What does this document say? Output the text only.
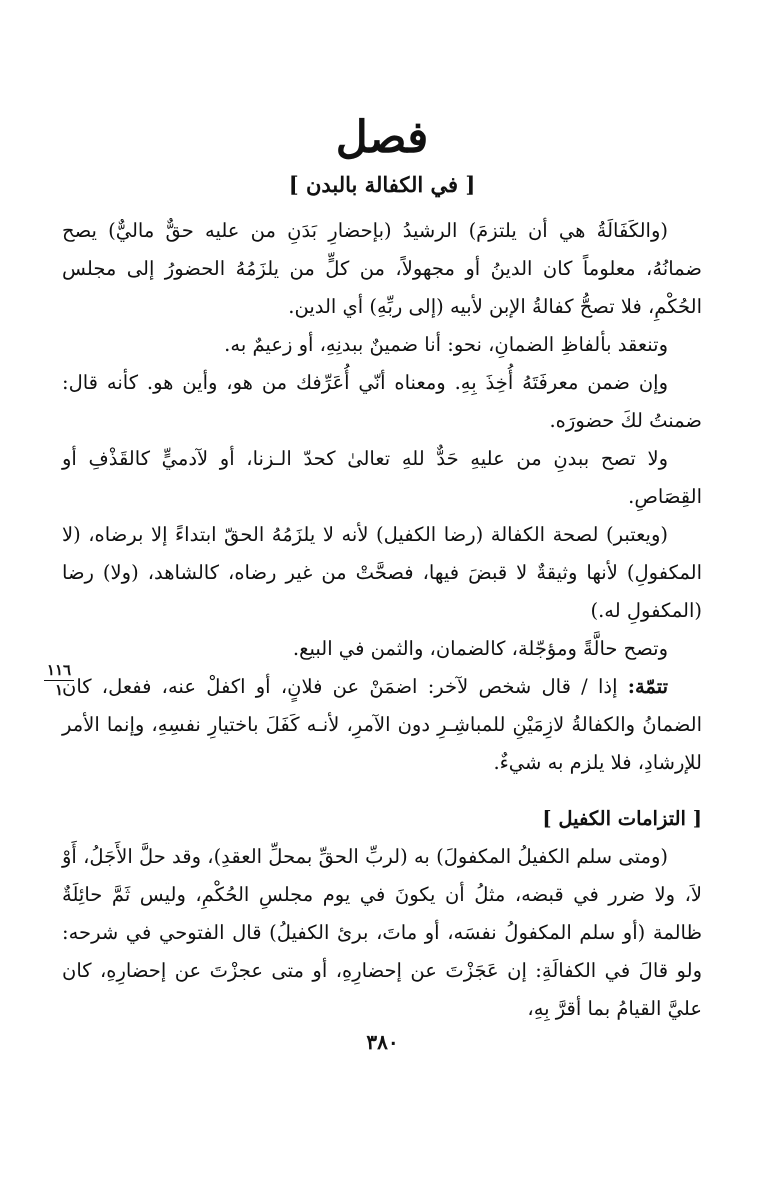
فصل
[ في الكفالة بالبدن ]

(والكَفَالَةُ هي أن يلتزمَ) الرشيدُ (بإحضارِ بَدَنِ من عليه حقٌّ ماليٌّ) يصح ضمانُهُ، معلوماً كان الدينُ أو مجهولاً، من كلٍّ من يلزَمُهُ الحضورُ إلى مجلس الحُكْمِ، فلا تصحُّ كفالةُ الإبن لأبيه (إلى ربِّهِ) أي الدين.

وتنعقد بألفاظِ الضمانِ، نحو: أنا ضمينٌ ببدنِهِ، أو زعيمٌ به.

وإن ضمن معرفَتَهُ أُخِذَ بِهِ. ومعناه أنّي أُعَرِّفك من هو، وأين هو. كأنه قال: ضمنتُ لكَ حضورَه.

ولا تصح ببدنِ من عليهِ حَدٌّ للهِ تعالىٰ كحدّ الـزنا، أو لآدميٍّ كالقَذْفِ أو القِصَاصِ.

(ويعتبر) لصحة الكفالة (رضا الكفيل) لأنه لا يلزَمُهُ الحقّ ابتداءً إلا برضاه، (لا المكفولِ) لأنها وثيقةٌ لا قبضَ فيها، فصحَّتْ من غير رضاه، كالشاهد، (ولا) رضا (المكفولِ له.)

وتصح حالَّةً ومؤجّلة، كالضمان، والثمن في البيع.

تتمّة: إذا / قال شخص لآخر: اضمَنْ عن فلانٍ، أو اكفلْ عنه، ففعل، كان الضمانُ والكفالةُ لازِمَيْنِ للمباشِـرِ دون الآمرِ، لأنـه كَفَلَ باختيارِ نفسِهِ، وإنما الأمر للإرشادِ، فلا يلزم به شيءٌ.

[ التزامات الكفيل ]

(ومتى سلم الكفيلُ المكفولَ) به (لربِّ الحقِّ بمحلِّ العقدِ)، وقد حلَّ الأَجَلُ، أَوْ لاَ، ولا ضرر في قبضه، مثلُ أن يكونَ في يوم مجلسِ الحُكْمِ، وليس ثَمَّ حائِلَةٌ ظالمة (أو سلم المكفولُ نفسَه، أو ماتَ، برئ الكفيلُ) قال الفتوحي في شرحه: ولو قالَ في الكفالَةِ: إن عَجَزْتَ عن إحضارِهِ، أو متى عجزْتَ عن إحضارِهِ، كان عليَّ القيامُ بما أقرَّ بِهِ،

١١٦
١
٣٨٠
